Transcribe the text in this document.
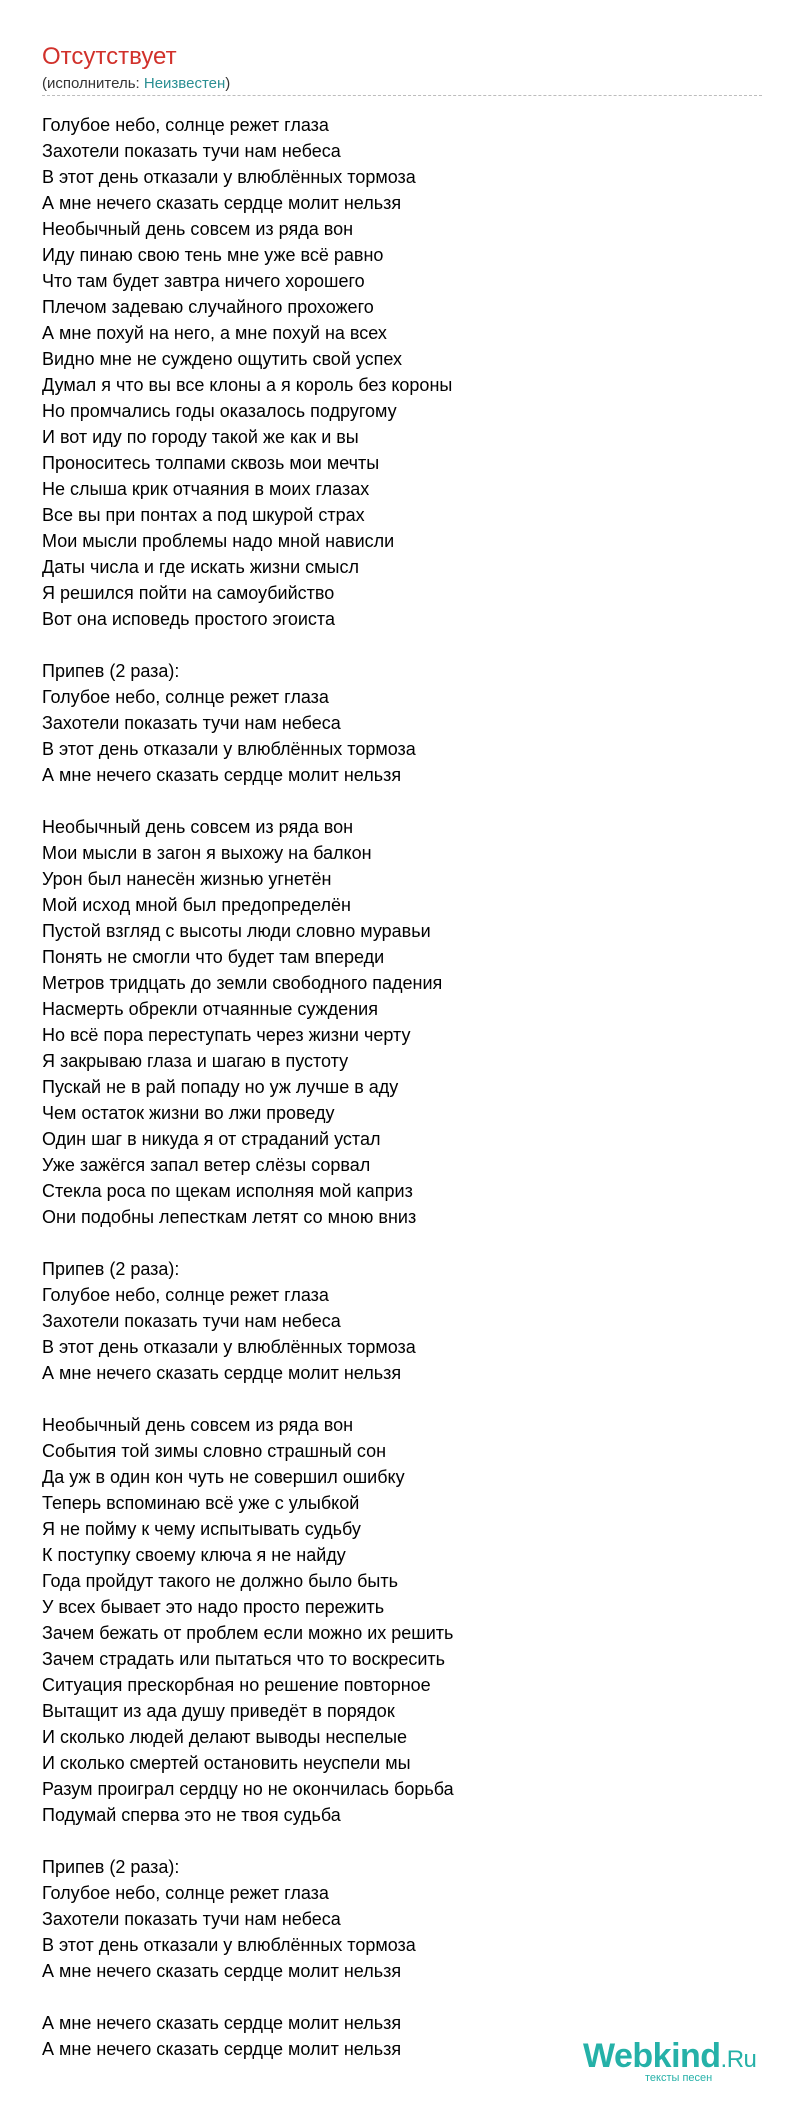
Отсутствует
(исполнитель: Неизвестен)
Голубое небо, солнце режет глаза
Захотели показать тучи нам небеса
В этот день отказали у влюблённых тормоза
А мне нечего сказать сердце молит нельзя
Необычный день совсем из ряда вон
Иду пинаю свою тень мне уже всё равно
Что там будет завтра ничего хорошего
Плечом задеваю случайного прохожего
А мне похуй на него, а мне похуй на всех
Видно мне не суждено ощутить свой успех
Думал я что вы все клоны а я король без короны
Но промчались годы оказалось подругому
И вот иду по городу такой же как и вы
Проноситесь толпами сквозь мои мечты
Не слыша крик отчаяния в моих глазах
Все вы при понтах а под шкурой страх
Мои мысли проблемы надо мной нависли
Даты числа и где искать жизни смысл
Я решился пойти на самоубийство
Вот она исповедь простого эгоиста
Припев (2 раза):
Голубое небо, солнце режет глаза
Захотели показать тучи нам небеса
В этот день отказали у влюблённых тормоза
А мне нечего сказать сердце молит нельзя
Необычный день совсем из ряда вон
Мои мысли в загон я выхожу на балкон
Урон был нанесён жизнью угнетён
Мой исход мной был предопределён
Пустой взгляд с высоты люди словно муравьи
Понять не смогли что будет там впереди
Метров тридцать до земли свободного падения
Насмерть обрекли отчаянные суждения
Но всё пора переступать через жизни черту
Я закрываю глаза и шагаю в пустоту
Пускай не в рай попаду но уж лучше в аду
Чем остаток жизни во лжи проведу
Один шаг в никуда я от страданий устал
Уже зажёгся запал ветер слёзы сорвал
Стекла роса по щекам исполняя мой каприз
Они подобны лепесткам летят со мною вниз
Припев (2 раза):
Голубое небо, солнце режет глаза
Захотели показать тучи нам небеса
В этот день отказали у влюблённых тормоза
А мне нечего сказать сердце молит нельзя
Необычный день совсем из ряда вон
События той зимы словно страшный сон
Да уж в один кон чуть не совершил ошибку
Теперь вспоминаю всё уже с улыбкой
Я не пойму к чему испытывать судьбу
К поступку своему ключа я не найду
Года пройдут такого не должно было быть
У всех бывает это надо просто пережить
Зачем бежать от проблем если можно их решить
Зачем страдать или пытаться что то воскресить
Ситуация прескорбная но решение повторное
Вытащит из ада душу приведёт в порядок
И сколько людей делают выводы неспелые
И сколько смертей остановить неуспели мы
Разум проиграл сердцу но не окончилась борьба
Подумай сперва это не твоя судьба
Припев (2 раза):
Голубое небо, солнце режет глаза
Захотели показать тучи нам небеса
В этот день отказали у влюблённых тормоза
А мне нечего сказать сердце молит нельзя
А мне нечего сказать сердце молит нельзя
А мне нечего сказать сердце молит нельзя	Webkind.Ru
тексты песен
